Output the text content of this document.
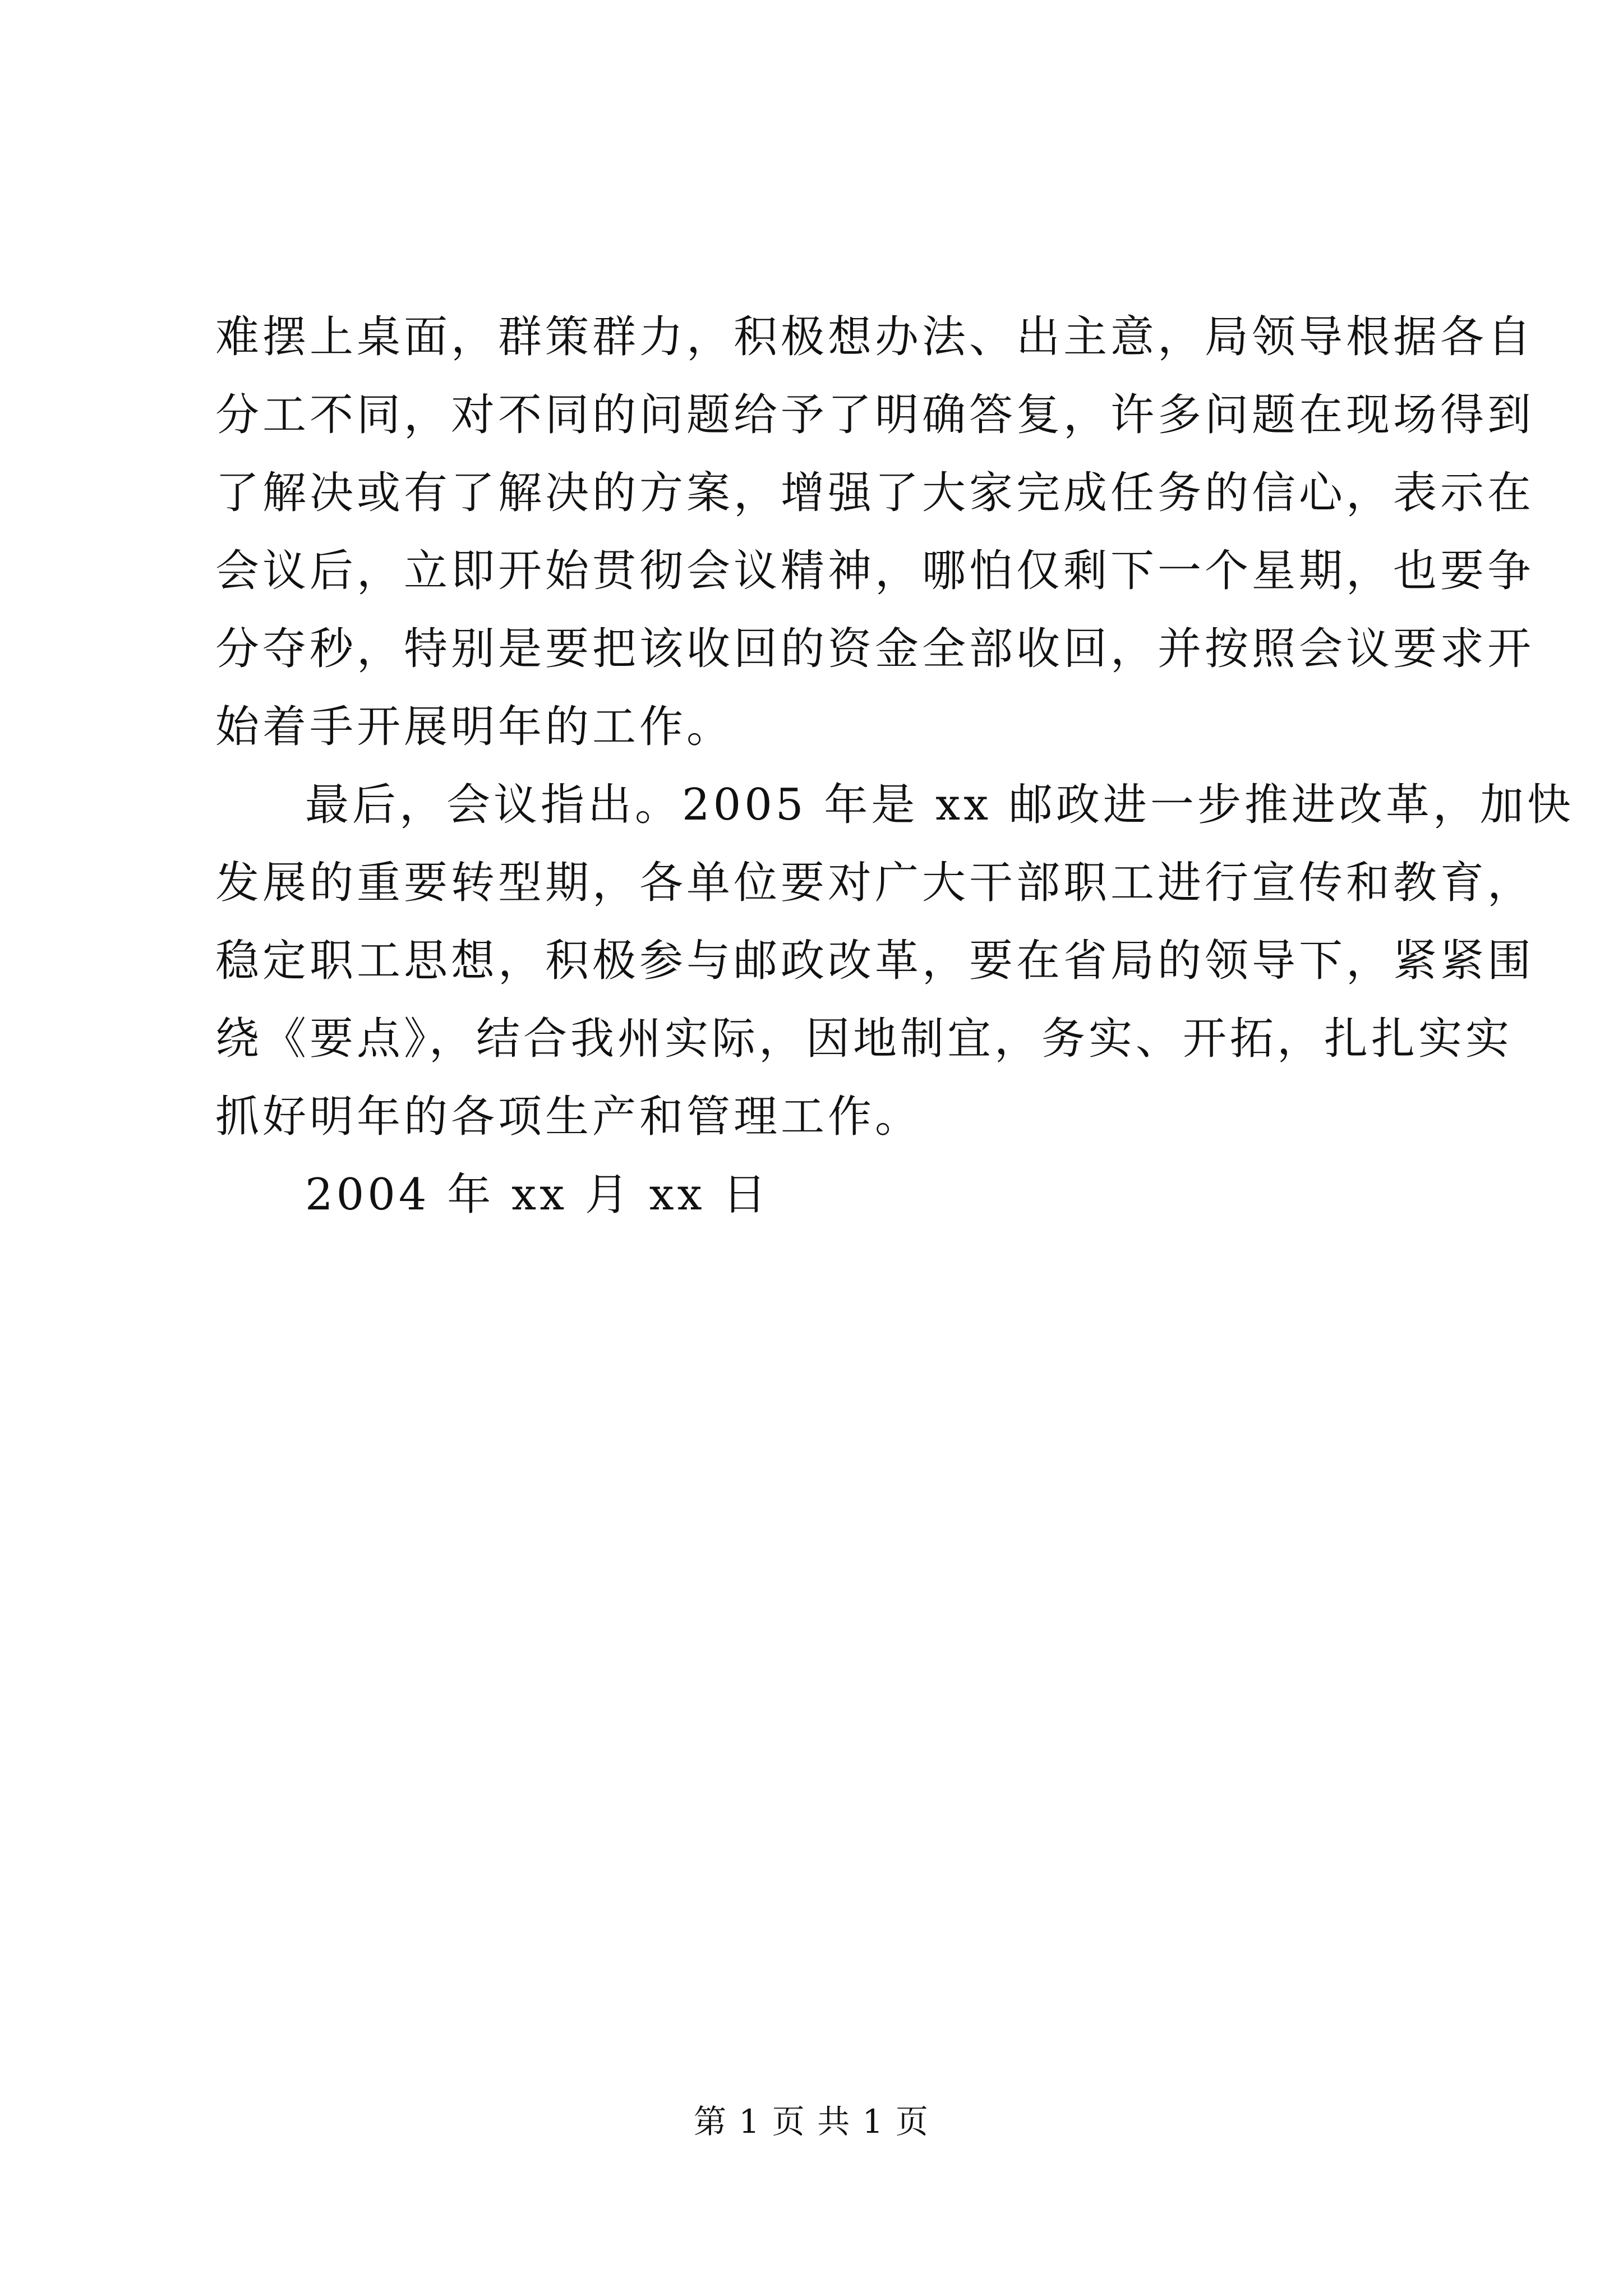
难摆上桌面，群策群力，积极想办法、出主意，局领导根据各自
分工不同，对不同的问题给予了明确答复，许多问题在现场得到
了解决或有了解决的方案，增强了大家完成任务的信心，表示在
会议后，立即开始贯彻会议精神，哪怕仅剩下一个星期，也要争
分夺秒，特别是要把该收回的资金全部收回，并按照会议要求开
始着手开展明年的工作。
最后，会议指出。2005 年是 xx 邮政进一步推进改革，加快
发展的重要转型期，各单位要对广大干部职工进行宣传和教育，
稳定职工思想，积极参与邮政改革，要在省局的领导下，紧紧围
绕《要点》，结合我州实际，因地制宜，务实、开拓，扎扎实实
抓好明年的各项生产和管理工作。
2004 年 xx 月 xx 日
第 1 页 共 1 页
